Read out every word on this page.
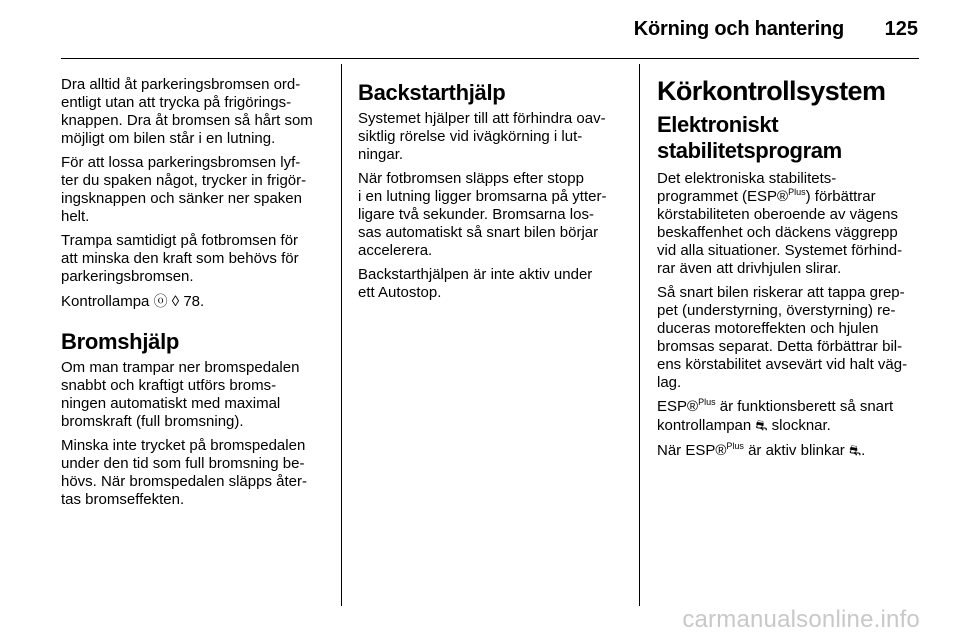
Körning och hantering 125

Dra alltid åt parkeringsbromsen ord-
entligt utan att trycka på frigörings-
knappen. Dra åt bromsen så hårt som
möjligt om bilen står i en lutning.

För att lossa parkeringsbromsen lyf-
ter du spaken något, trycker in frigör-
ingsknappen och sänker ner spaken
helt.

Trampa samtidigt på fotbromsen för
att minska den kraft som behövs för
parkeringsbromsen.

Kontrollampa ⓞ ◊ 78.

Bromshjälp

Om man trampar ner bromspedalen
snabbt och kraftigt utförs broms-
ningen automatiskt med maximal
bromskraft (full bromsning).

Minska inte trycket på bromspedalen
under den tid som full bromsning be-
hövs. När bromspedalen släpps åter-
tas bromseffekten.

Backstarthjälp

Systemet hjälper till att förhindra oav-
siktlig rörelse vid ivägkörning i lut-
ningar.

När fotbromsen släpps efter stopp
i en lutning ligger bromsarna på ytter-
ligare två sekunder. Bromsarna los-
sas automatiskt så snart bilen börjar
accelerera.

Backstarthjälpen är inte aktiv under
ett Autostop.

Körkontrollsystem
Elektroniskt
stabilitetsprogram

Det elektroniska stabilitets-
programmet (ESP®$^{Plus}$) förbättrar
körstabiliteten oberoende av vägens
beskaffenhet och däckens väggrepp
vid alla situationer. Systemet förhind-
rar även att drivhjulen slirar.

Så snart bilen riskerar att tappa grep-
pet (understyrning, överstyrning) re-
duceras motoreffekten och hjulen
bromsas separat. Detta förbättrar bil-
ens körstabilitet avsevärt vid halt väg-
lag.

ESP®$^{Plus}$ är funktionsberett så snart
kontrollampan ⛐ slocknar.

När ESP®$^{Plus}$ är aktiv blinkar ⛐.

carmanualsonline.info
